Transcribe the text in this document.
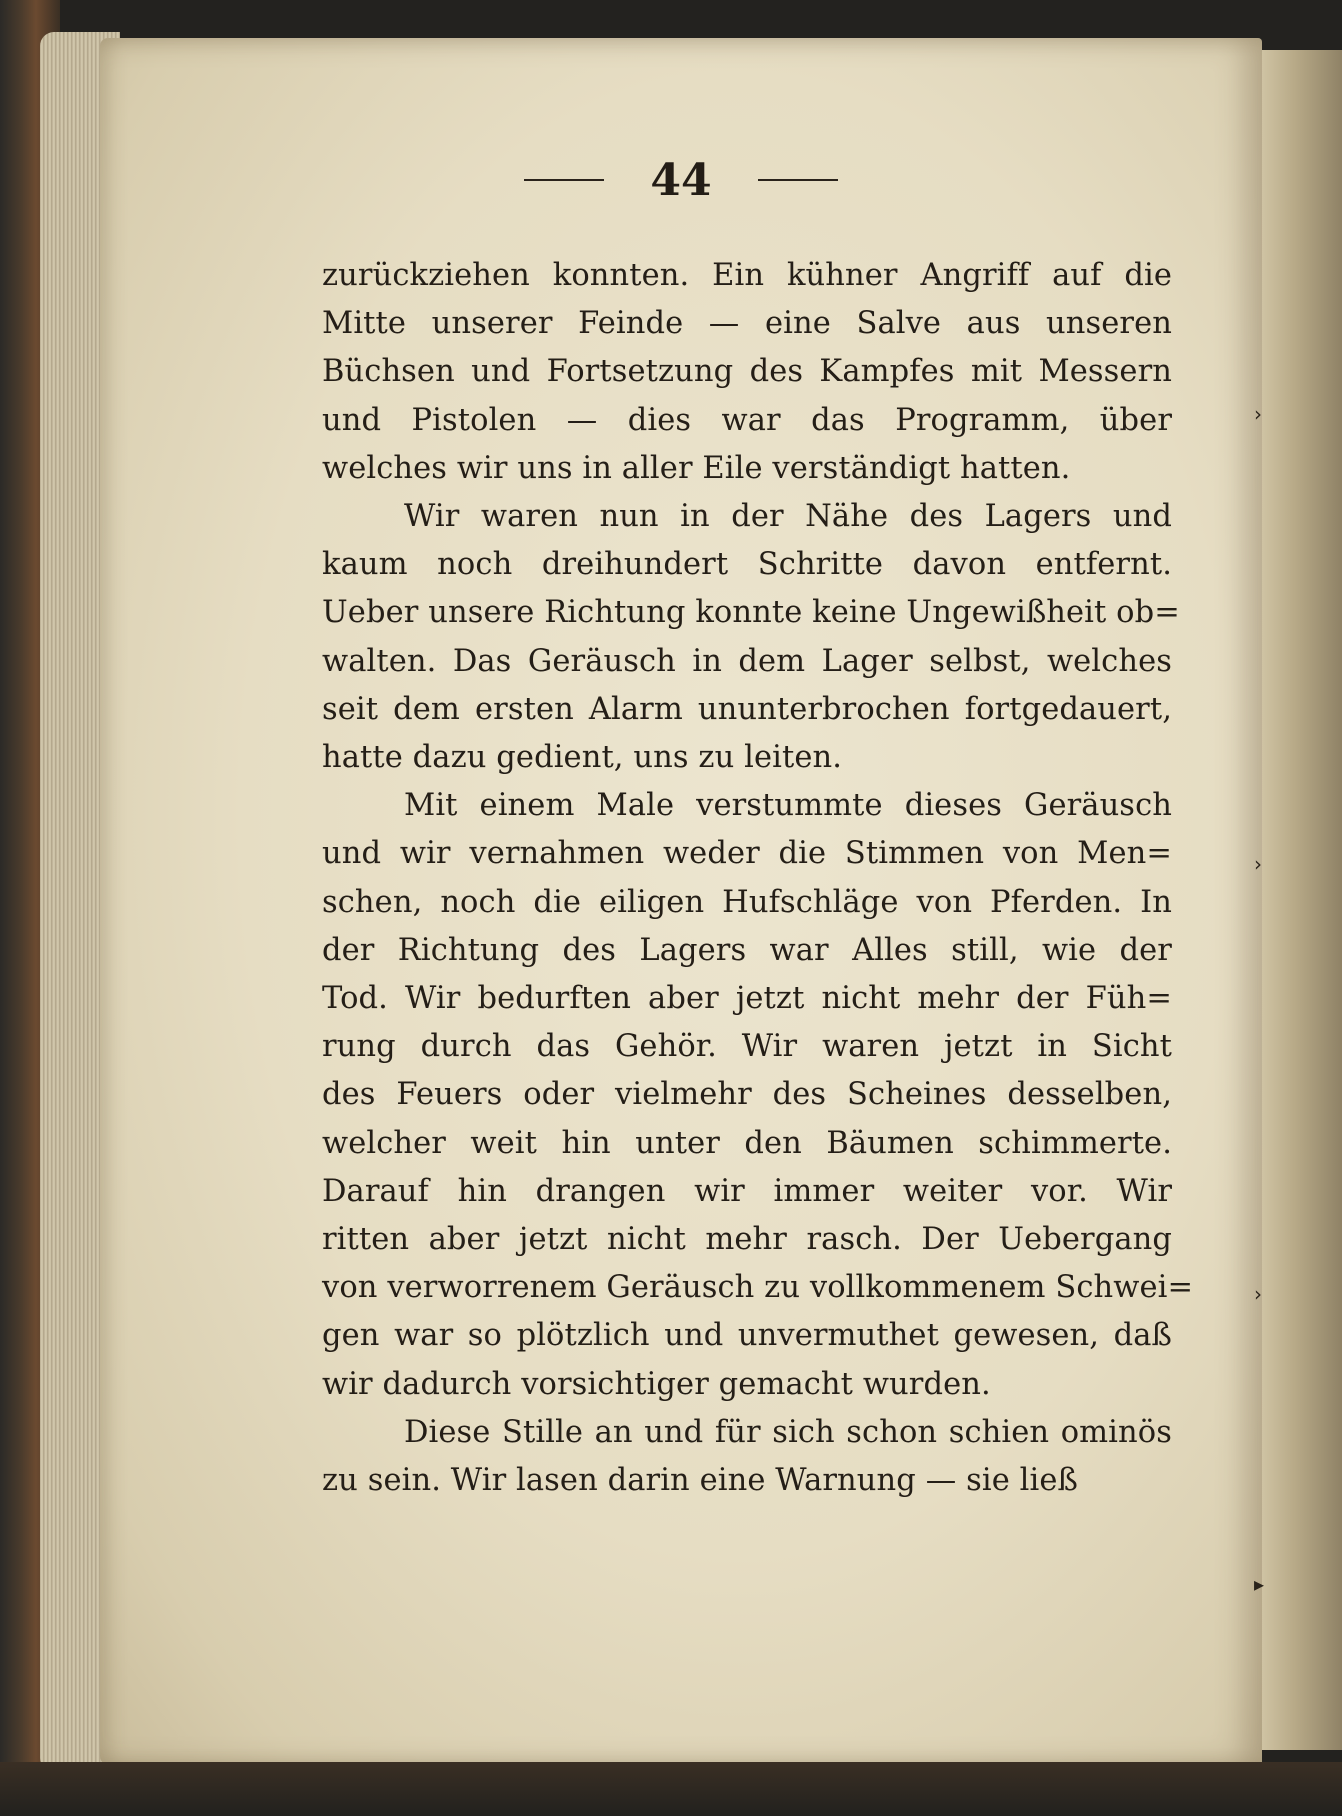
›
›
›
▸
44

zurückziehen konnten. Ein kühner Angriff auf die
Mitte unserer Feinde — eine Salve aus unseren
Büchsen und Fortsetzung des Kampfes mit Messern
und Pistolen — dies war das Programm, über
welches wir uns in aller Eile verständigt hatten.

Wir waren nun in der Nähe des Lagers und
kaum noch dreihundert Schritte davon entfernt.
Ueber unsere Richtung konnte keine Ungewißheit ob=
walten. Das Geräusch in dem Lager selbst, welches
seit dem ersten Alarm ununterbrochen fortgedauert,
hatte dazu gedient, uns zu leiten.

Mit einem Male verstummte dieses Geräusch
und wir vernahmen weder die Stimmen von Men=
schen, noch die eiligen Hufschläge von Pferden. In
der Richtung des Lagers war Alles still, wie der
Tod. Wir bedurften aber jetzt nicht mehr der Füh=
rung durch das Gehör. Wir waren jetzt in Sicht
des Feuers oder vielmehr des Scheines desselben,
welcher weit hin unter den Bäumen schimmerte.
Darauf hin drangen wir immer weiter vor. Wir
ritten aber jetzt nicht mehr rasch. Der Uebergang
von verworrenem Geräusch zu vollkommenem Schwei=
gen war so plötzlich und unvermuthet gewesen, daß
wir dadurch vorsichtiger gemacht wurden.

Diese Stille an und für sich schon schien ominös
zu sein. Wir lasen darin eine Warnung — sie ließ
